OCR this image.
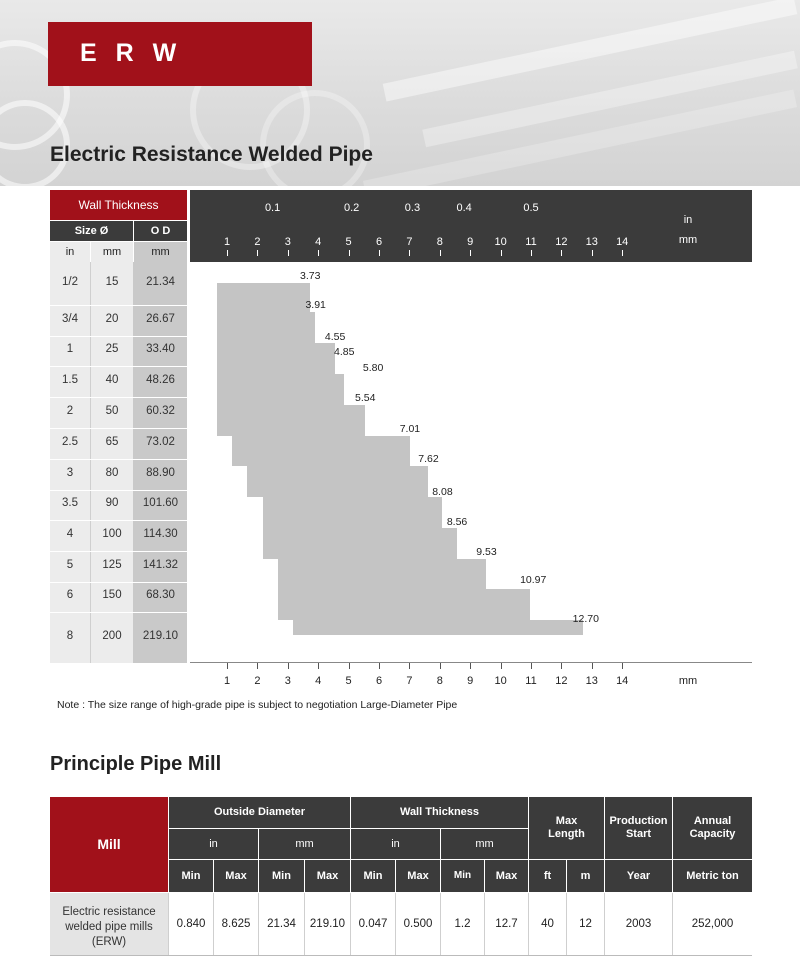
E R W
Electric Resistance Welded Pipe
Wall Thickness
Size Ø	O D
in	mm	mm
1/2	15	21.34
3/4	20	26.67
1	25	33.40
1.5	40	48.26
2	50	60.32
2.5	65	73.02
3	80	88.90
3.5	90	101.60
4	100	114.30
5	125	141.32
6	150	68.30
8	200	219.10
0.1	0.2	0.3	0.4	0.5
1	2	3	4	5	6	7	8	9	10	11	12	13	14
in
mm
3.73
3.91
4.55
4.85
5.80
5.54
7.01
7.62
8.08
8.56
9.53
10.97
12.70
1	2	3	4	5	6	7	8	9	10	11	12	13	14	mm
Note : The size range of high-grade pipe is subject to negotiation Large-Diameter Pipe
Principle Pipe Mill
Mill
Outside Diameter	Wall Thickness
Max
Length
Production
Start
Annual
Capacity
in	mm	in	mm
Min	Max	Min	Max	Min	Max	Min	Max	ft	m	Year	Metric ton
Electric resistance
welded pipe mills
(ERW)
0.840	8.625	21.34	219.10	0.047	0.500	1.2	12.7	40	12	2003	252,000
